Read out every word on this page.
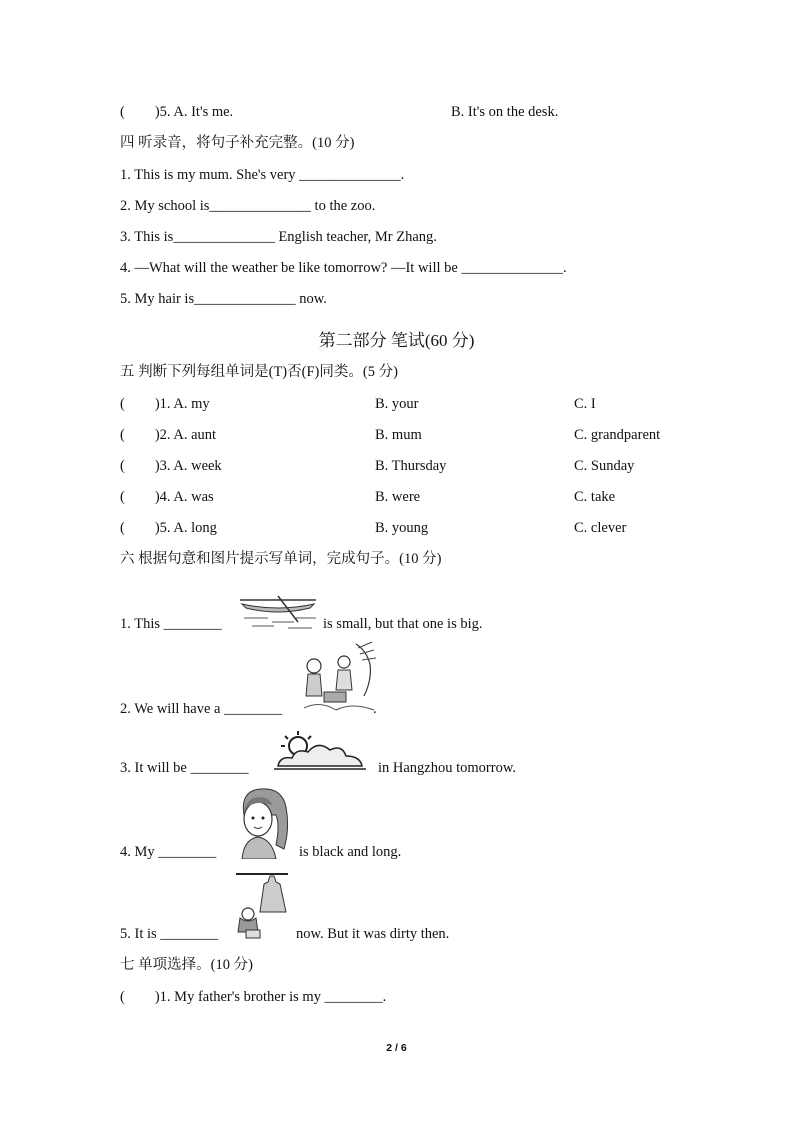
( )5. A. It's me.	B. It's on the desk.
四 听录音，将句子补充完整。(10 分)
1. This is my mum. She's very ______________.
2. My school is______________ to the zoo.
3. This is______________ English teacher, Mr Zhang.
4. —What will the weather be like tomorrow? —It will be ______________.
5. My hair is______________ now.
第二部分 笔试(60 分)
五 判断下列每组单词是(T)否(F)同类。(5 分)
( )1. A. my	B. your	C. I
( )2. A. aunt	B. mum	C. grandparent
( )3. A. week	B. Thursday	C. Sunday
( )4. A. was	B. were	C. take
( )5. A. long	B. young	C. clever
六 根据句意和图片提示写单词，完成句子。(10 分)
1. This ________	is small, but that one is big.
2. We will have a ________	.
3. It will be ________	in Hangzhou tomorrow.
4. My ________	is black and long.
5. It is ________	now. But it was dirty then.
七 单项选择。(10 分)
( )1. My father's brother is my ________.
2 / 6
